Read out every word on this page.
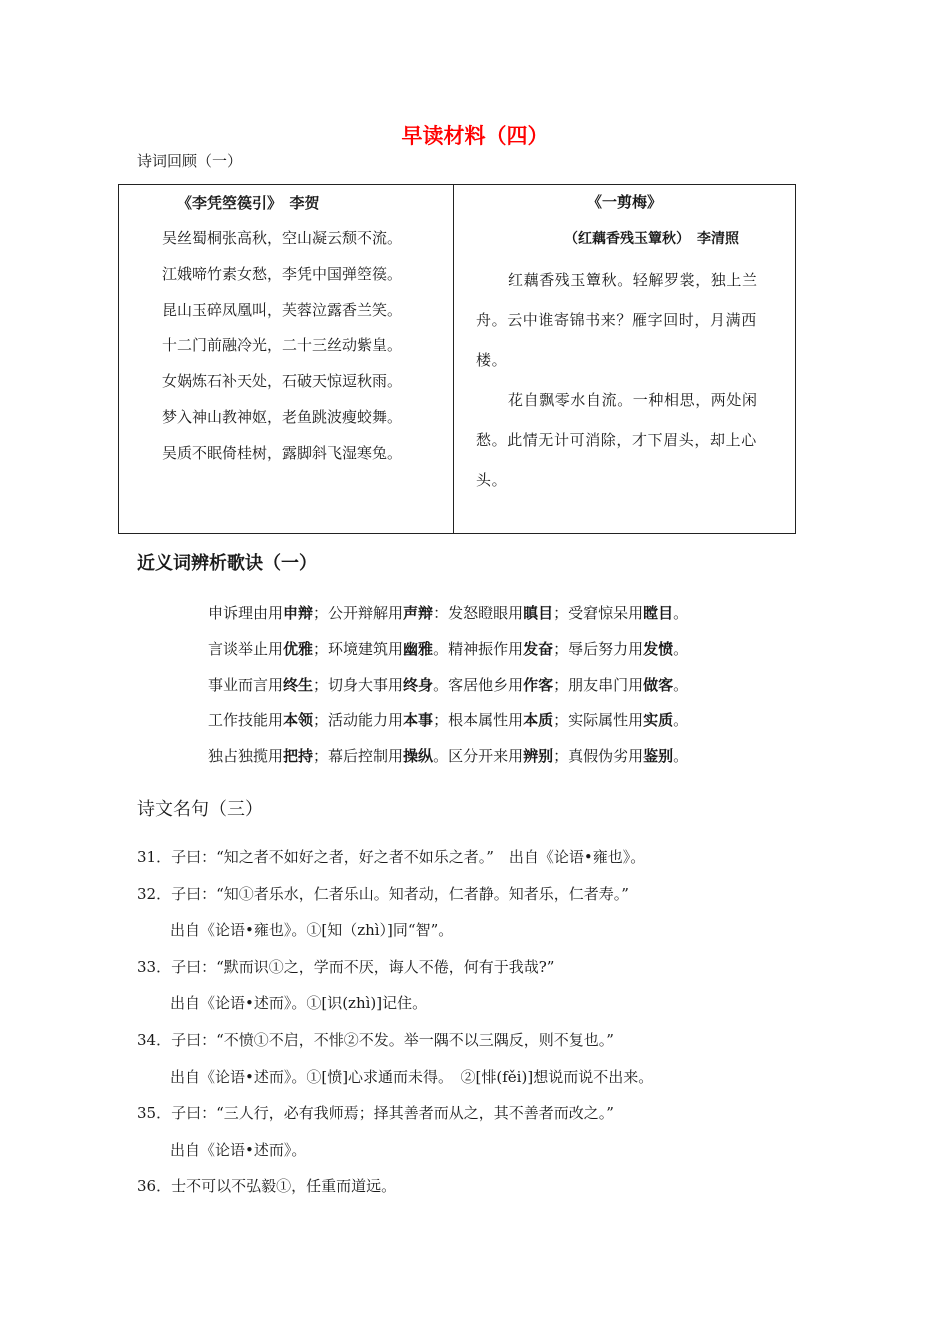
早读材料（四）
诗词回顾（一）
《李凭箜篌引》　李贺
吴丝蜀桐张高秋，空山凝云颓不流。
江娥啼竹素女愁，李凭中国弹箜篌。
昆山玉碎凤凰叫，芙蓉泣露香兰笑。
十二门前融冷光，二十三丝动紫皇。
女娲炼石补天处，石破天惊逗秋雨。
梦入神山教神妪，老鱼跳波瘦蛟舞。
吴质不眠倚桂树，露脚斜飞湿寒兔。

《一剪梅》
（红藕香残玉簟秋）　李清照

红藕香残玉簟秋。轻解罗裳，独上兰舟。云中谁寄锦书来？雁字回时，月满西楼。

花自飘零水自流。一种相思，两处闲愁。此情无计可消除，才下眉头，却上心头。

近义词辨析歌诀（一）
申诉理由用申辩；公开辩解用声辩：发怒瞪眼用瞋目；受窘惊呆用瞠目。
言谈举止用优雅；环境建筑用幽雅。精神振作用发奋；辱后努力用发愤。
事业而言用终生；切身大事用终身。客居他乡用作客；朋友串门用做客。
工作技能用本领；活动能力用本事；根本属性用本质；实际属性用实质。
独占独揽用把持；幕后控制用操纵。区分开来用辨别；真假伪劣用鉴别。
诗文名句（三）
31．子曰：“知之者不如好之者，好之者不如乐之者。”　出自《论语•雍也》。
32．子曰：“知①者乐水，仁者乐山。知者动，仁者静。知者乐，仁者寿。”
出自《论语•雍也》。①[知（zhì）]同“智”。
33．子曰：“默而识①之，学而不厌，诲人不倦，何有于我哉?”
出自《论语•述而》。①[识(zhì)]记住。
34．子曰：“不愤①不启，不悱②不发。举一隅不以三隅反，则不复也。”
出自《论语•述而》。①[愤]心求通而未得。　②[悱(fěi)]想说而说不出来。
35．子曰：“三人行，必有我师焉；择其善者而从之，其不善者而改之。”
出自《论语•述而》。
36．士不可以不弘毅①，任重而道远。
